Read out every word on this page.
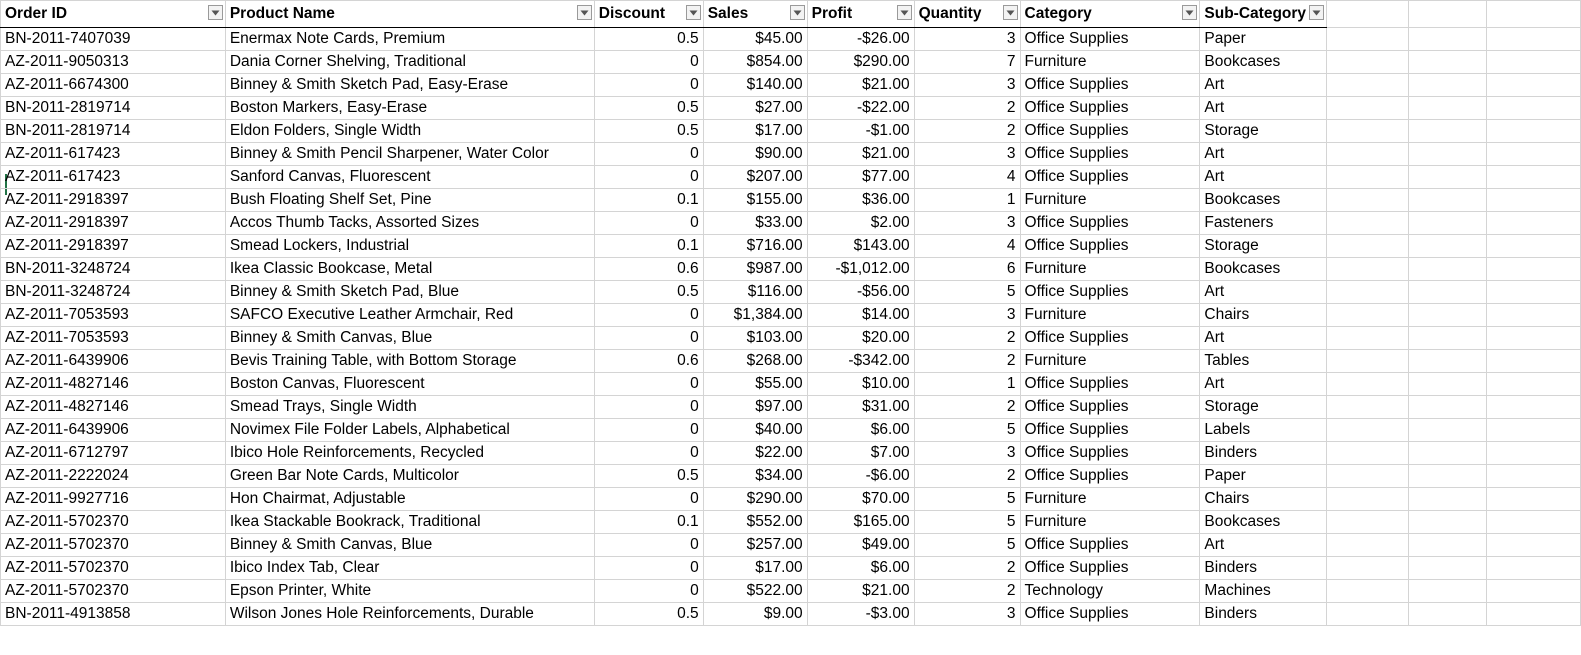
Order ID	Product Name	Discount	Sales	Profit	Quantity	Category	Sub-Category

BN-2011-7407039	Enermax Note Cards, Premium	0.5	$45.00	-$26.00	3	Office Supplies	Paper			
AZ-2011-9050313	Dania Corner Shelving, Traditional	0	$854.00	$290.00	7	Furniture	Bookcases			
AZ-2011-6674300	Binney & Smith Sketch Pad, Easy-Erase	0	$140.00	$21.00	3	Office Supplies	Art			
BN-2011-2819714	Boston Markers, Easy-Erase	0.5	$27.00	-$22.00	2	Office Supplies	Art			
BN-2011-2819714	Eldon Folders, Single Width	0.5	$17.00	-$1.00	2	Office Supplies	Storage			
AZ-2011-617423	Binney & Smith Pencil Sharpener, Water Color	0	$90.00	$21.00	3	Office Supplies	Art			
AZ-2011-617423	Sanford Canvas, Fluorescent	0	$207.00	$77.00	4	Office Supplies	Art			
AZ-2011-2918397	Bush Floating Shelf Set, Pine	0.1	$155.00	$36.00	1	Furniture	Bookcases			
AZ-2011-2918397	Accos Thumb Tacks, Assorted Sizes	0	$33.00	$2.00	3	Office Supplies	Fasteners			
AZ-2011-2918397	Smead Lockers, Industrial	0.1	$716.00	$143.00	4	Office Supplies	Storage			
BN-2011-3248724	Ikea Classic Bookcase, Metal	0.6	$987.00	-$1,012.00	6	Furniture	Bookcases			
BN-2011-3248724	Binney & Smith Sketch Pad, Blue	0.5	$116.00	-$56.00	5	Office Supplies	Art			
AZ-2011-7053593	SAFCO Executive Leather Armchair, Red	0	$1,384.00	$14.00	3	Furniture	Chairs			
AZ-2011-7053593	Binney & Smith Canvas, Blue	0	$103.00	$20.00	2	Office Supplies	Art			
AZ-2011-6439906	Bevis Training Table, with Bottom Storage	0.6	$268.00	-$342.00	2	Furniture	Tables			
AZ-2011-4827146	Boston Canvas, Fluorescent	0	$55.00	$10.00	1	Office Supplies	Art			
AZ-2011-4827146	Smead Trays, Single Width	0	$97.00	$31.00	2	Office Supplies	Storage			
AZ-2011-6439906	Novimex File Folder Labels, Alphabetical	0	$40.00	$6.00	5	Office Supplies	Labels			
AZ-2011-6712797	Ibico Hole Reinforcements, Recycled	0	$22.00	$7.00	3	Office Supplies	Binders			
AZ-2011-2222024	Green Bar Note Cards, Multicolor	0.5	$34.00	-$6.00	2	Office Supplies	Paper			
AZ-2011-9927716	Hon Chairmat, Adjustable	0	$290.00	$70.00	5	Furniture	Chairs			
AZ-2011-5702370	Ikea Stackable Bookrack, Traditional	0.1	$552.00	$165.00	5	Furniture	Bookcases			
AZ-2011-5702370	Binney & Smith Canvas, Blue	0	$257.00	$49.00	5	Office Supplies	Art			
AZ-2011-5702370	Ibico Index Tab, Clear	0	$17.00	$6.00	2	Office Supplies	Binders			
AZ-2011-5702370	Epson Printer, White	0	$522.00	$21.00	2	Technology	Machines			
BN-2011-4913858	Wilson Jones Hole Reinforcements, Durable	0.5	$9.00	-$3.00	3	Office Supplies	Binders			
